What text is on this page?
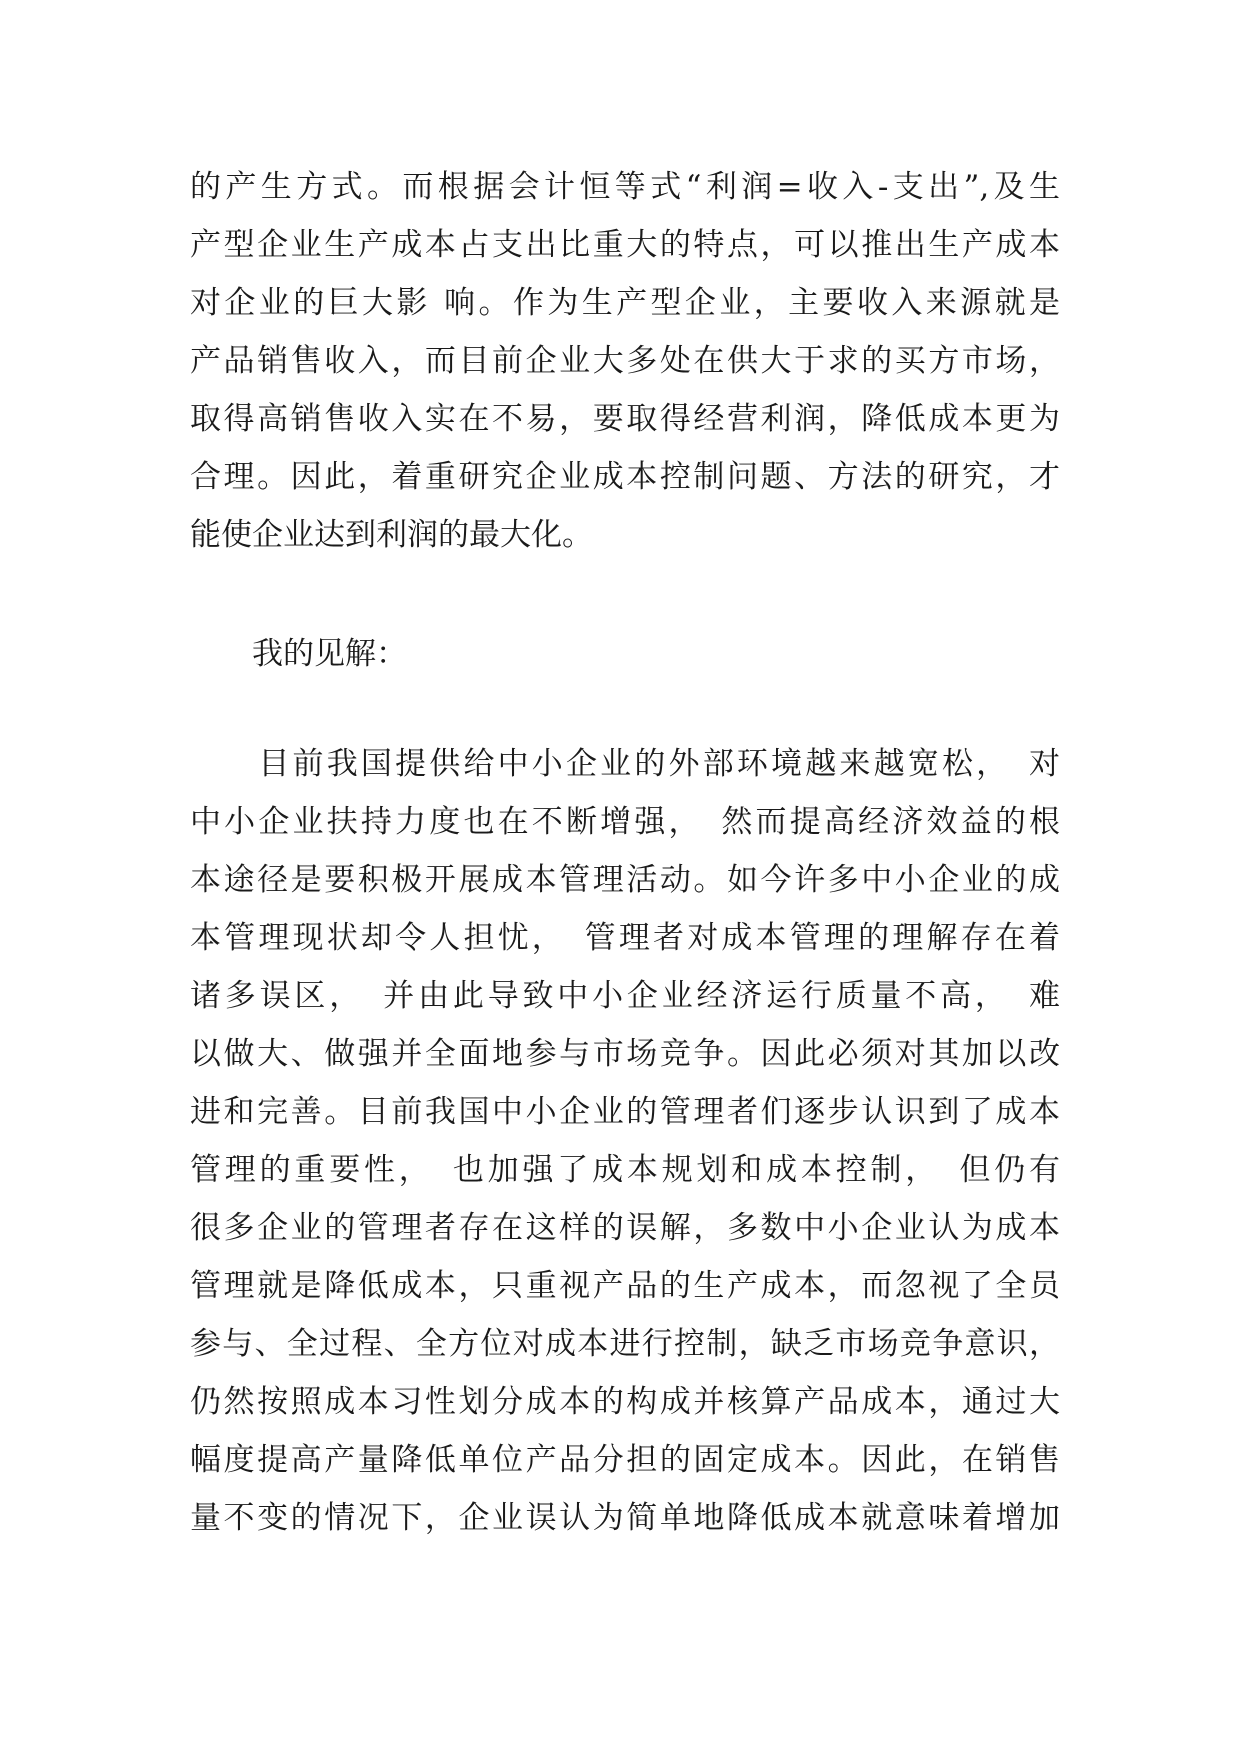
的产生方式。而根据会计恒等式“利润=收入-支出”,及生
产型企业生产成本占支出比重大的特点，可以推出生产成本
对企业的巨大影 响。作为生产型企业，主要收入来源就是
产品销售收入，而目前企业大多处在供大于求的买方市场，
取得高销售收入实在不易，要取得经营利润，降低成本更为
合理。因此，着重研究企业成本控制问题、方法的研究，才
能使企业达到利润的最大化。
　　我的见解：
　　目前我国提供给中小企业的外部环境越来越宽松，　对
中小企业扶持力度也在不断增强，　然而提高经济效益的根
本途径是要积极开展成本管理活动。如今许多中小企业的成
本管理现状却令人担忧，　管理者对成本管理的理解存在着
诸多误区，　并由此导致中小企业经济运行质量不高，　难
以做大、做强并全面地参与市场竞争。因此必须对其加以改
进和完善。目前我国中小企业的管理者们逐步认识到了成本
管理的重要性，　也加强了成本规划和成本控制，　但仍有
很多企业的管理者存在这样的误解，多数中小企业认为成本
管理就是降低成本，只重视产品的生产成本，而忽视了全员
参与、全过程、全方位对成本进行控制，缺乏市场竞争意识，
仍然按照成本习性划分成本的构成并核算产品成本，通过大
幅度提高产量降低单位产品分担的固定成本。因此，在销售
量不变的情况下，企业误认为简单地降低成本就意味着增加
